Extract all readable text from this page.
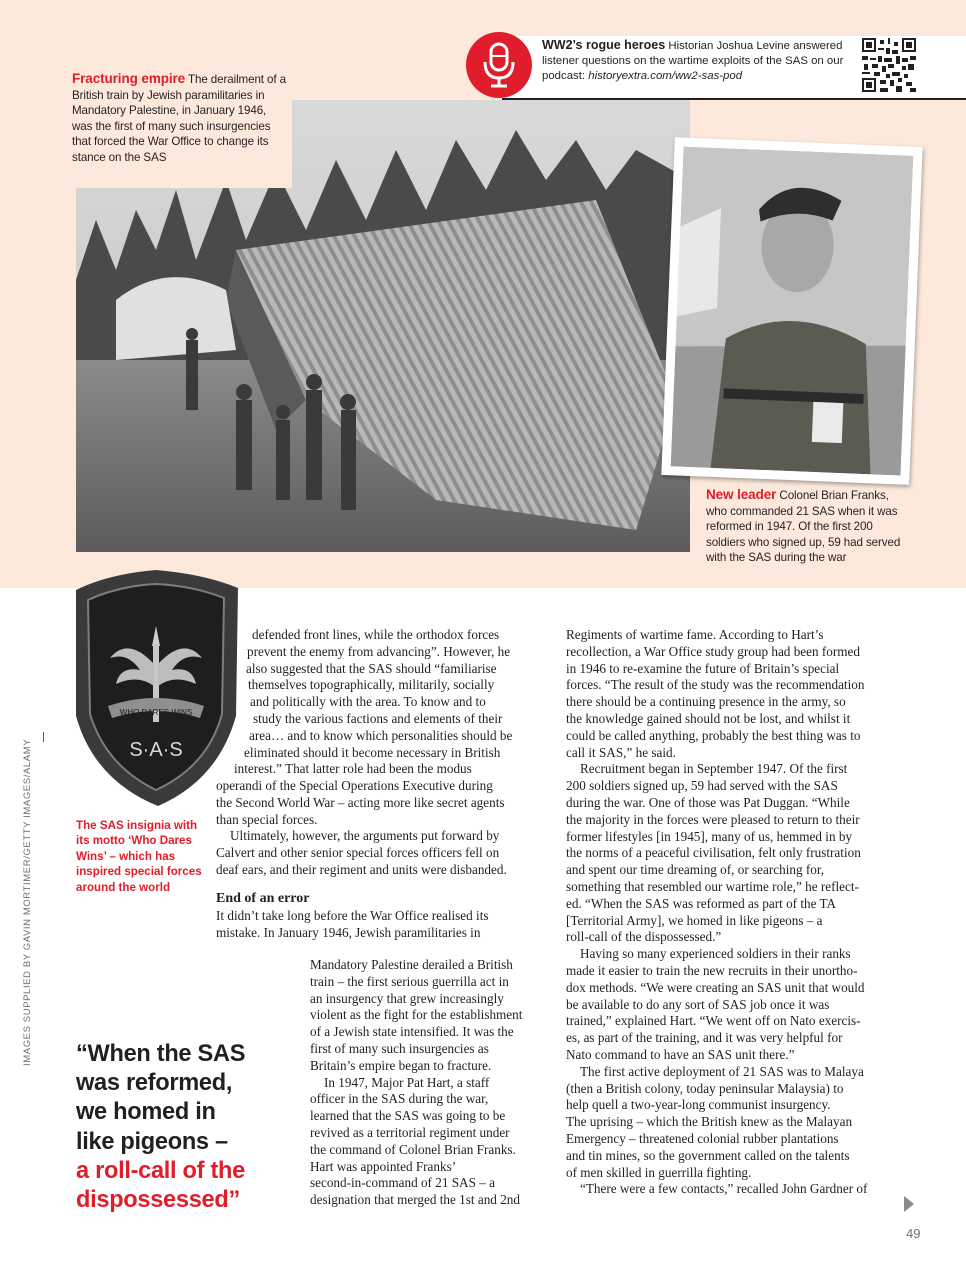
Fracturing empire The derailment of a British train by Jewish paramilitaries in Mandatory Palestine, in January 1946, was the first of many such insurgencies that forced the War Office to change its stance on the SAS
New leader Colonel Brian Franks, who commanded 21 SAS when it was reformed in 1947. Of the first 200 soldiers who signed up, 59 had served with the SAS during the war
WW2’s rogue heroes Historian Joshua Levine answered listener questions on the wartime exploits of the SAS on our podcast: historyextra.com/ww2-sas-pod
WHO DARES WINS
S·A·S
The SAS insignia with its motto ‘Who Dares Wins’ – which has inspired special forces around the world
IMAGES SUPPLIED BY GAVIN MORTIMER/GETTY IMAGES/ALAMY
defended front lines, while the orthodox forces
prevent the enemy from advancing”. However, he
also suggested that the SAS should “familiarise
themselves topographically, militarily, socially
and politically with the area. To know and to
study the various factions and elements of their
area… and to know which personalities should be
eliminated should it become necessary in British
interest.” That latter role had been the modus
operandi of the Special Operations Executive during
the Second World War – acting more like secret agents
than special forces.
Ultimately, however, the arguments put forward by
Calvert and other senior special forces officers fell on
deaf ears, and their regiment and units were disbanded.
End of an error
It didn’t take long before the War Office realised its
mistake. In January 1946, Jewish paramilitaries in
Mandatory Palestine derailed a British
train – the first serious guerrilla act in
an insurgency that grew increasingly
violent as the fight for the establishment
of a Jewish state intensified. It was the
first of many such insurgencies as
Britain’s empire began to fracture.
In 1947, Major Pat Hart, a staff
officer in the SAS during the war,
learned that the SAS was going to be
revived as a territorial regiment under
the command of Colonel Brian Franks.
Hart was appointed Franks’
second-in-command of 21 SAS – a
designation that merged the 1st and 2nd
Regiments of wartime fame. According to Hart’s
recollection, a War Office study group had been formed
in 1946 to re-examine the future of Britain’s special
forces. “The result of the study was the recommendation
there should be a continuing presence in the army, so
the knowledge gained should not be lost, and whilst it
could be called anything, probably the best thing was to
call it SAS,” he said.
Recruitment began in September 1947. Of the first
200 soldiers signed up, 59 had served with the SAS
during the war. One of those was Pat Duggan. “While
the majority in the forces were pleased to return to their
former lifestyles [in 1945], many of us, hemmed in by
the norms of a peaceful civilisation, felt only frustration
and spent our time dreaming of, or searching for,
something that resembled our wartime role,” he reflect-
ed. “When the SAS was reformed as part of the TA
[Territorial Army], we homed in like pigeons – a
roll-call of the dispossessed.”
Having so many experienced soldiers in their ranks
made it easier to train the new recruits in their unortho-
dox methods. “We were creating an SAS unit that would
be available to do any sort of SAS job once it was
trained,” explained Hart. “We went off on Nato exercis-
es, as part of the training, and it was very helpful for
Nato command to have an SAS unit there.”
The first active deployment of 21 SAS was to Malaya
(then a British colony, today peninsular Malaysia) to
help quell a two-year-long communist insurgency.
The uprising – which the British knew as the Malayan
Emergency – threatened colonial rubber plantations
and tin mines, so the government called on the talents
of men skilled in guerrilla fighting.
“There were a few contacts,” recalled John Gardner of
“When the SAS
was reformed,
we homed in
like pigeons –
a roll-call of the
dispossessed”
49
